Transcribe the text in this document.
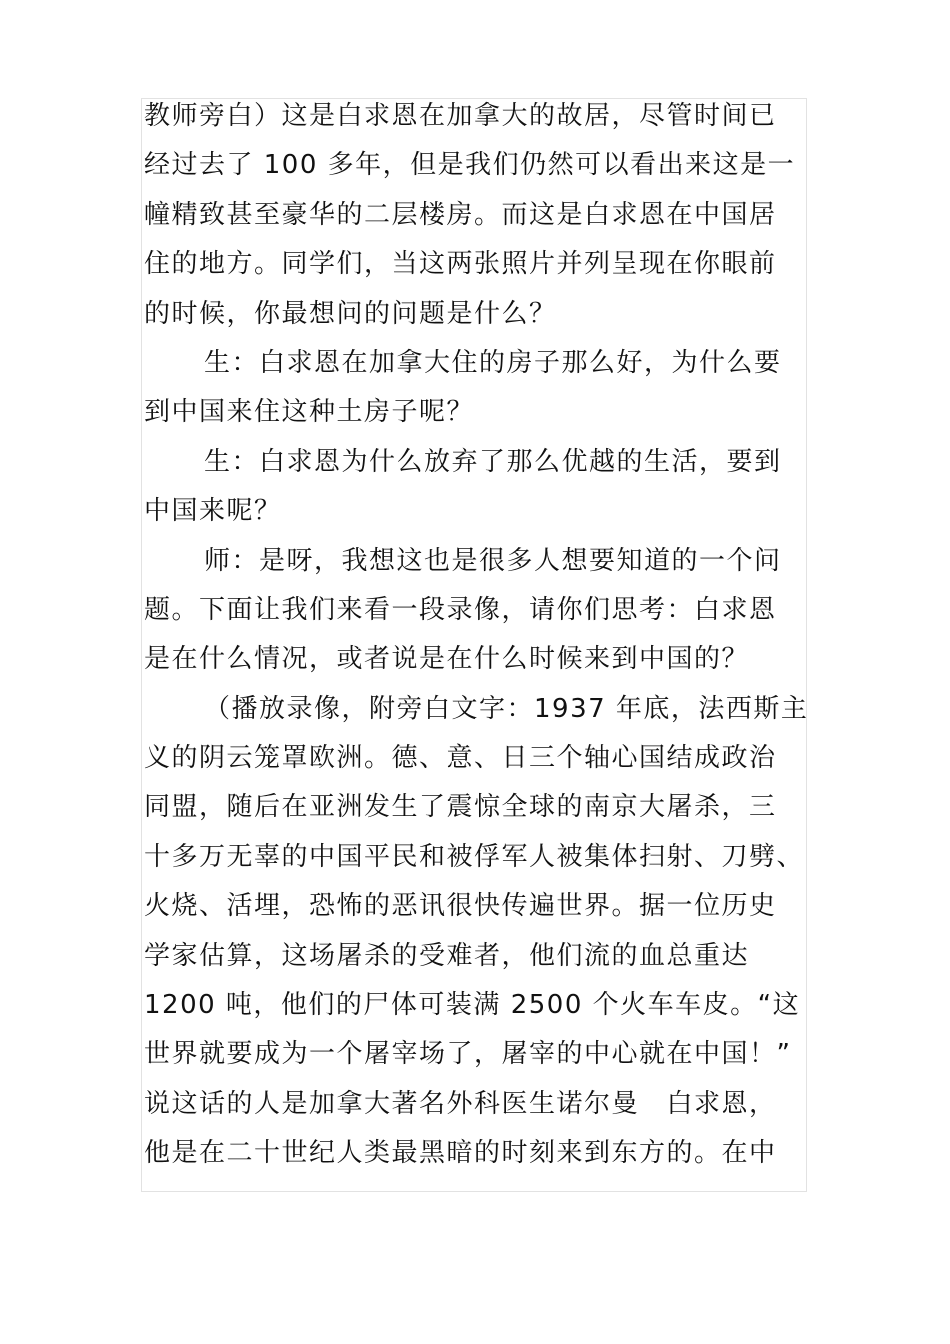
教师旁白）这是白求恩在加拿大的故居，尽管时间已
经过去了 100 多年，但是我们仍然可以看出来这是一
幢精致甚至豪华的二层楼房。而这是白求恩在中国居
住的地方。同学们，当这两张照片并列呈现在你眼前
的时候，你最想问的问题是什么？
生：白求恩在加拿大住的房子那么好，为什么要
到中国来住这种土房子呢？
生：白求恩为什么放弃了那么优越的生活，要到
中国来呢？
师：是呀，我想这也是很多人想要知道的一个问
题。下面让我们来看一段录像，请你们思考：白求恩
是在什么情况，或者说是在什么时候来到中国的？
（播放录像，附旁白文字：1937 年底，法西斯主
义的阴云笼罩欧洲。德、意、日三个轴心国结成政治
同盟，随后在亚洲发生了震惊全球的南京大屠杀，三
十多万无辜的中国平民和被俘军人被集体扫射、刀劈、
火烧、活埋，恐怖的恶讯很快传遍世界。据一位历史
学家估算，这场屠杀的受难者，他们流的血总重达
1200 吨，他们的尸体可装满 2500 个火车车皮。“这
世界就要成为一个屠宰场了，屠宰的中心就在中国！”
说这话的人是加拿大著名外科医生诺尔曼　白求恩，
他是在二十世纪人类最黑暗的时刻来到东方的。在中
